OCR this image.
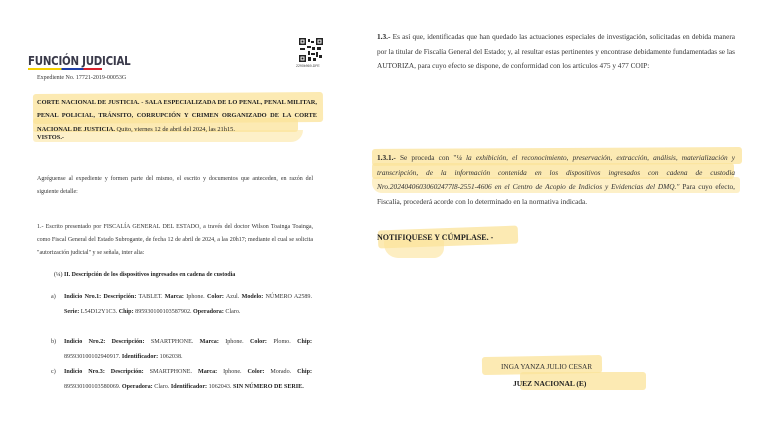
FUNCIÓN JUDICIAL	2290b969-DFE
Expediente No. 17721-2019-00053G
CORTE NACIONAL DE JUSTICIA. - SALA ESPECIALIZADA DE LO PENAL, PENAL MILITAR, PENAL POLICIAL, TRÁNSITO, CORRUPCIÓN Y CRIMEN ORGANIZADO DE LA CORTE NACIONAL DE JUSTICIA. Quito, viernes 12 de abril del 2024, las 21h15.
VISTOS.-
Agréguense al expediente y formen parte del mismo, el escrito y documentos que anteceden, en razón del siguiente detalle:
1.- Escrito presentado por FISCALÍA GENERAL DEL ESTADO, a través del doctor Wilson Toainga Toainga, como Fiscal General del Estado Subrogante, de fecha 12 de abril de 2024, a las 20h17; mediante el cual se solicita "autorización judicial" y se señala, inter alia:
(¼) II. Descripción de los dispositivos ingresados en cadena de custodia
a) Indicio Nro.1: Descripción: TABLET. Marca: Iphone. Color: Azul. Modelo: NÚMERO A2589. Serie: L54D12Y1C3. Chip: 895930100103587902. Operadora: Claro.
b) Indicio Nro.2: Descripción: SMARTPHONE. Marca: Iphone. Color: Plomo. Chip: 895930100102940917. Identificador: 1062038.
c) Indicio Nro.3: Descripción: SMARTPHONE. Marca: Iphone. Color: Morado. Chip: 895930100103580069. Operadora: Claro. Identificador: 1062043. SIN NÚMERO DE SERIE.
1.3.- Es así que, identificadas que han quedado las actuaciones especiales de investigación, solicitadas en debida manera por la titular de Fiscalía General del Estado; y, al resultar estas pertinentes y encontrase debidamente fundamentadas se las AUTORIZA, para cuyo efecto se dispone, de conformidad con los artículos 475 y 477 COIP:
1.3.1.- Se proceda con "¼ la exhibición, el reconocimiento, preservación, extracción, análisis, materialización y transcripción, de la información contenida en los dispositivos ingresados con cadena de custodia Nro.20240406030602477l8-2551-4606 en el Centro de Acopio de Indicios y Evidencias del DMQ." Para cuyo efecto, Fiscalía, procederá acorde con lo determinado en la normativa indicada.
NOTIFIQUESE Y CÚMPLASE. -
INGA YANZA JULIO CESAR
JUEZ NACIONAL (E)
